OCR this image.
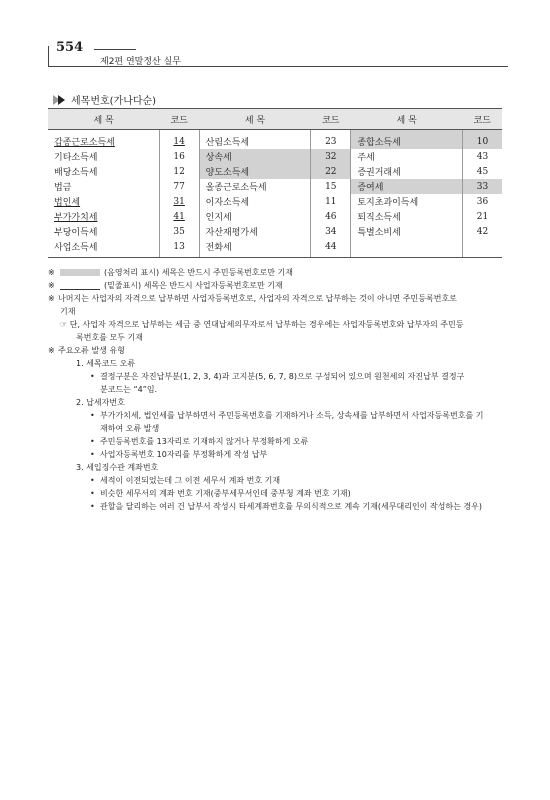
554
제2편 연말정산 실무
세목번호(가나다순)
세 목	코드	세 목	코드	세 목	코드

갑종근로소득세	14	산림소득세	23	종합소득세	10

기타소득세	16	상속세	32	주세	43

배당소득세	12	양도소득세	22	증권거래세	45

법금	77	올종근로소득세	15	증여세	33

법인세	31	이자소득세	11	토지초과이득세	36

부가가치세	41	인지세	46	퇴직소득세	21

부당이득세	35	자산재평가세	34	특별소비세	42

사업소득세	13	전화세	44	

※	(음영처리 표시) 세목은 반드시 주민등록번호로만 기재
※	(밑줄표시) 세목은 반드시 사업자등록번호로만 기재
※ 나머지는 사업자의 자격으로 납부하면 사업자등록번호로, 사업자의 자격으로 납부하는 것이 아니면 주민등록번호로
기재
☞ 단, 사업자 자격으로 납부하는 세금 중 연대납세의무자로서 납부하는 경우에는 사업자등록번호와 납부자의 주민등
록번호를 모두 기재
※ 주요오류 발생 유형
1. 세목코드 오류
• 결정구분은 자진납부분(1, 2, 3, 4)과 고지분(5, 6, 7, 8)으로 구성되어 있으며 원천세의 자진납부 결정구
분코드는 “4”임.
2. 납세자번호
• 부가가치세, 법인세를 납부하면서 주민등록번호를 기재하거나 소득, 상속세를 납부하면서 사업자등록번호를 기
재하여 오류 발생
• 주민등록번호를 13자리로 기재하지 않거나 부정확하게 오류
• 사업자등록번호 10자리를 부정확하게 작성 납부
3. 세입징수관 계좌번호
• 세적이 이전되었는데 그 이전 세무서 계좌 번호 기재
• 비슷한 세무서의 계좌 번호 기재(중부세무서인데 중부청 계좌 번호 기재)
• 관할을 달리하는 여러 건 납부서 작성시 타세계좌번호를 무의식적으로 계속 기재(세무대리인이 작성하는 경우)
